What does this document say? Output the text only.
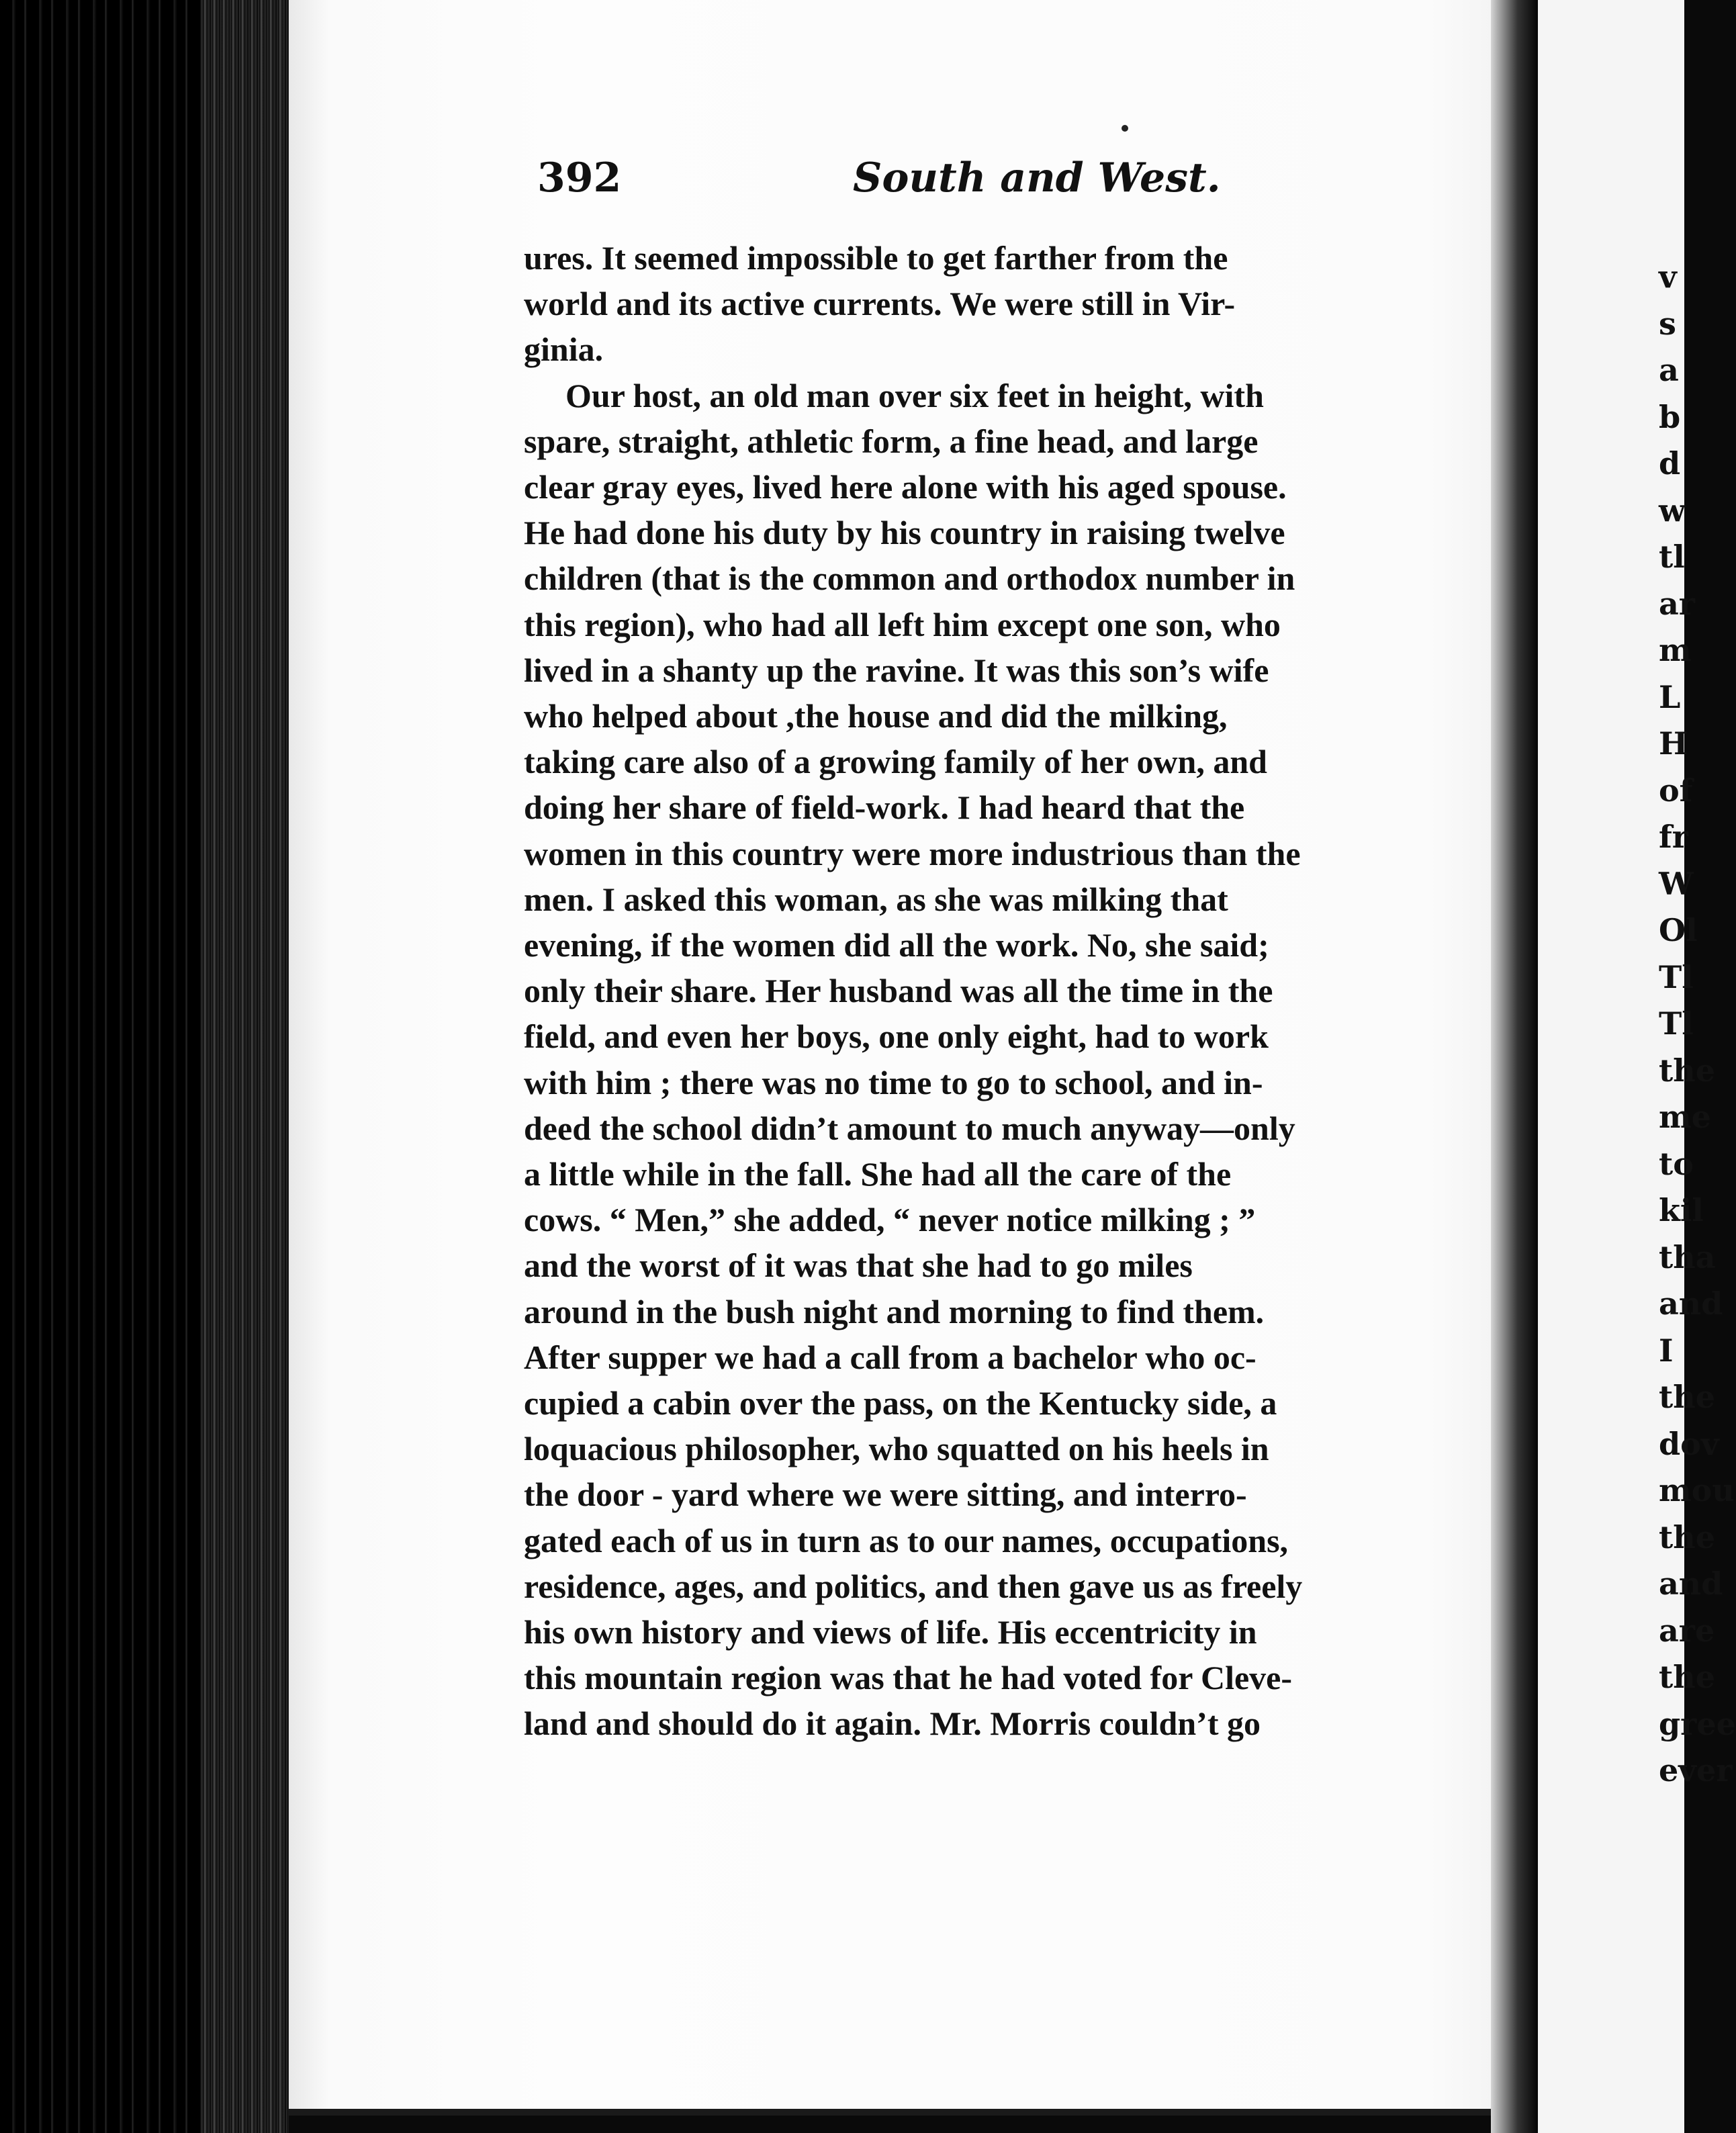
v
s
a
b
d
w
tl
ar
m
L
H
of
fr
W
Ol
Tl
Tl
the
me
to
kil
tha
and
I
the
dov
mou
the
and
are
the
gree
ever
392	South and West.
ures. It seemed impossible to get farther from the
world and its active currents. We were still in Vir-
ginia.
Our host, an old man over six feet in height, with
spare, straight, athletic form, a fine head, and large
clear gray eyes, lived here alone with his aged spouse.
He had done his duty by his country in raising twelve
children (that is the common and orthodox number in
this region), who had all left him except one son, who
lived in a shanty up the ravine. It was this son’s wife
who helped about ,the house and did the milking,
taking care also of a growing family of her own, and
doing her share of field-work. I had heard that the
women in this country were more industrious than the
men. I asked this woman, as she was milking that
evening, if the women did all the work. No, she said;
only their share. Her husband was all the time in the
field, and even her boys, one only eight, had to work
with him ; there was no time to go to school, and in-
deed the school didn’t amount to much anyway—only
a little while in the fall. She had all the care of the
cows. “ Men,” she added, “ never notice milking ; ”
and the worst of it was that she had to go miles
around in the bush night and morning to find them.
After supper we had a call from a bachelor who oc-
cupied a cabin over the pass, on the Kentucky side, a
loquacious philosopher, who squatted on his heels in
the door - yard where we were sitting, and interro-
gated each of us in turn as to our names, occupations,
residence, ages, and politics, and then gave us as freely
his own history and views of life. His eccentricity in
this mountain region was that he had voted for Cleve-
land and should do it again. Mr. Morris couldn’t go
